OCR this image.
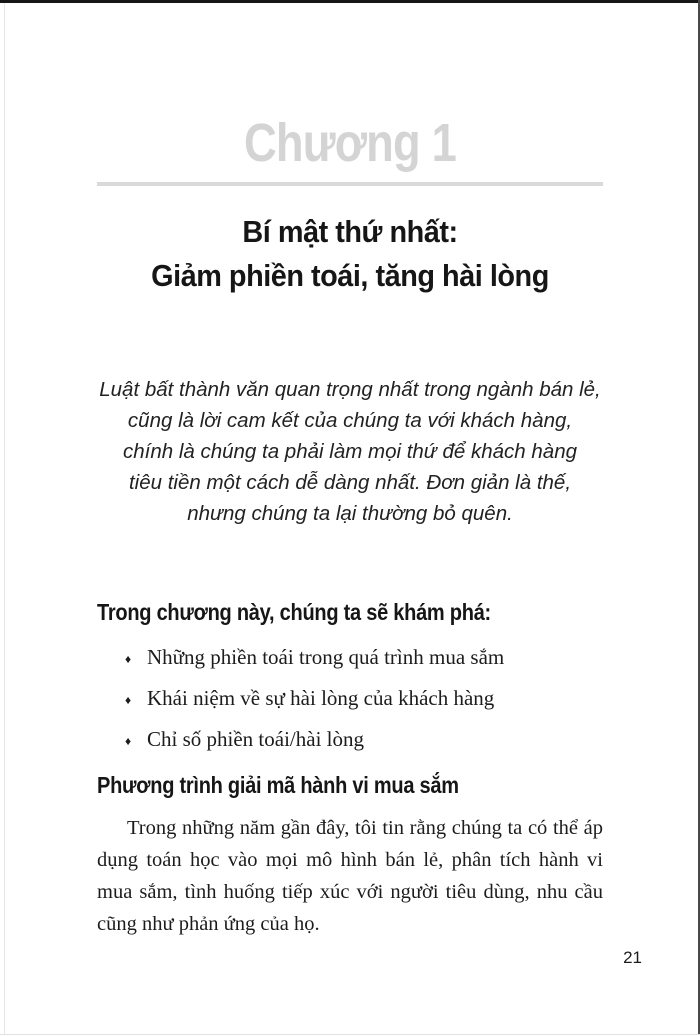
Chương 1
Bí mật thứ nhất:
Giảm phiền toái, tăng hài lòng
Luật bất thành văn quan trọng nhất trong ngành bán lẻ,
cũng là lời cam kết của chúng ta với khách hàng,
chính là chúng ta phải làm mọi thứ để khách hàng
tiêu tiền một cách dễ dàng nhất. Đơn giản là thế,
nhưng chúng ta lại thường bỏ quên.
Trong chương này, chúng ta sẽ khám phá:
♦ Những phiền toái trong quá trình mua sắm
♦ Khái niệm về sự hài lòng của khách hàng
♦ Chỉ số phiền toái/hài lòng
Phương trình giải mã hành vi mua sắm

Trong những năm gần đây, tôi tin rằng chúng ta có thể áp dụng toán học vào mọi mô hình bán lẻ, phân tích hành vi mua sắm, tình huống tiếp xúc với người tiêu dùng, nhu cầu cũng như phản ứng của họ.

21
